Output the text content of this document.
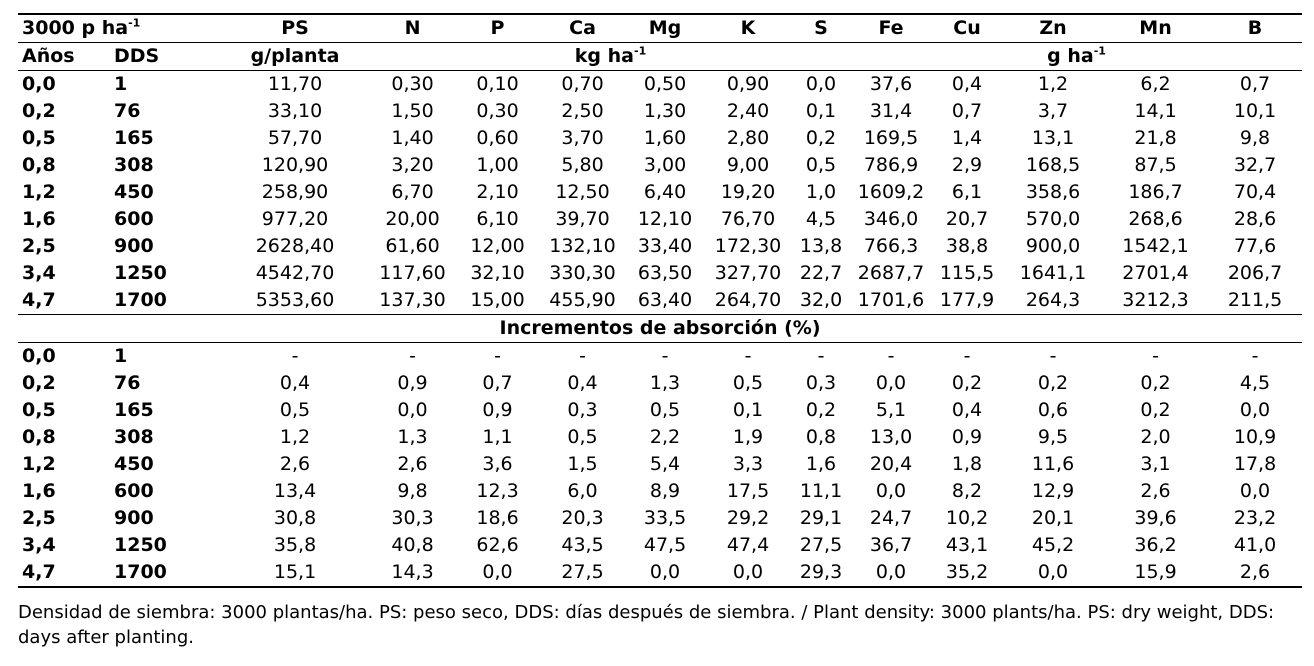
3000 p $ha^{-1}$		PS	N	P	Ca	Mg	K	S	Fe	Cu	Zn	Mn	B
Años	DDS	g/planta	kg $ha^{-1}$						g $ha^{-1}$
0,0	1	11,70	0,30	0,10	0,70	0,50	0,90	0,0	37,6	0,4	1,2	6,2	0,7
0,2	76	33,10	1,50	0,30	2,50	1,30	2,40	0,1	31,4	0,7	3,7	14,1	10,1
0,5	165	57,70	1,40	0,60	3,70	1,60	2,80	0,2	169,5	1,4	13,1	21,8	9,8
0,8	308	120,90	3,20	1,00	5,80	3,00	9,00	0,5	786,9	2,9	168,5	87,5	32,7
1,2	450	258,90	6,70	2,10	12,50	6,40	19,20	1,0	1609,2	6,1	358,6	186,7	70,4
1,6	600	977,20	20,00	6,10	39,70	12,10	76,70	4,5	346,0	20,7	570,0	268,6	28,6
2,5	900	2628,40	61,60	12,00	132,10	33,40	172,30	13,8	766,3	38,8	900,0	1542,1	77,6
3,4	1250	4542,70	117,60	32,10	330,30	63,50	327,70	22,7	2687,7	115,5	1641,1	2701,4	206,7
4,7	1700	5353,60	137,30	15,00	455,90	63,40	264,70	32,0	1701,6	177,9	264,3	3212,3	211,5
Incrementos de absorción (%)													
0,0	1	-	-	-	-	-	-	-	-	-	-	-	-
0,2	76	0,4	0,9	0,7	0,4	1,3	0,5	0,3	0,0	0,2	0,2	0,2	4,5
0,5	165	0,5	0,0	0,9	0,3	0,5	0,1	0,2	5,1	0,4	0,6	0,2	0,0
0,8	308	1,2	1,3	1,1	0,5	2,2	1,9	0,8	13,0	0,9	9,5	2,0	10,9
1,2	450	2,6	2,6	3,6	1,5	5,4	3,3	1,6	20,4	1,8	11,6	3,1	17,8
1,6	600	13,4	9,8	12,3	6,0	8,9	17,5	11,1	0,0	8,2	12,9	2,6	0,0
2,5	900	30,8	30,3	18,6	20,3	33,5	29,2	29,1	24,7	10,2	20,1	39,6	23,2
3,4	1250	35,8	40,8	62,6	43,5	47,5	47,4	27,5	36,7	43,1	45,2	36,2	41,0
4,7	1700	15,1	14,3	0,0	27,5	0,0	0,0	29,3	0,0	35,2	0,0	15,9	2,6
Densidad de siembra: 3000 plantas/ha. PS: peso seco, DDS: días después de siembra. / Plant density: 3000 plants/ha. PS: dry weight, DDS: days after planting.
